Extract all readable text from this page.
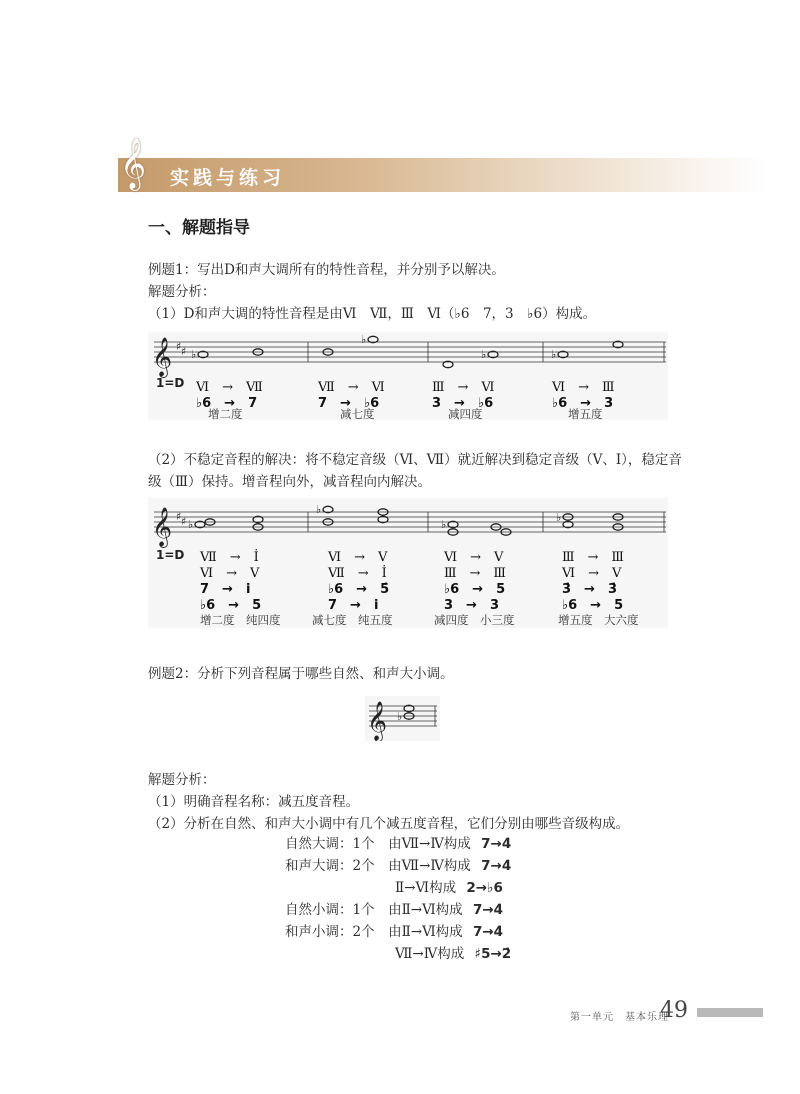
𝄞 实践与练习
一、解题指导
例题1：写出D和声大调所有的特性音程，并分别予以解决。
解题分析：
（1）D和声大调的特性音程是由Ⅵ　Ⅶ，Ⅲ　Ⅵ（♭6　7，3　♭6）构成。
𝄞 ♯ ♯ ♭
♭
♭	♭
1=D Ⅵ　→　Ⅶ
♭6　→　7
增二度
Ⅶ　→　Ⅵ
7　→　♭6
减七度
Ⅲ　→　Ⅵ
3　→　♭6
减四度
Ⅵ　→　Ⅲ
♭6　→　3
增五度
（2）不稳定音程的解决：将不稳定音级（Ⅵ、Ⅶ）就近解决到稳定音级（Ⅴ、Ⅰ），稳定音
级（Ⅲ）保持。增音程向外，减音程向内解决。
𝄞 ♯ ♯ ♭
♭
♭
♭
1=D Ⅶ　→　İ
Ⅵ　→　Ⅴ
7　→　i
♭6　→　5
增二度　纯四度
Ⅵ　→　Ⅴ
Ⅶ　→　İ
♭6　→　5̇
7　→　i
减七度　纯五度
Ⅵ　→　Ⅴ
Ⅲ　→　Ⅲ
♭6　→　5
3　→　3
减四度　小三度
Ⅲ　→　Ⅲ
Ⅵ　→　Ⅴ
3̇　→　3̇
♭6　→　5
增五度　大六度
例题2：分析下列音程属于哪些自然、和声大小调。
𝄞 ♭
解题分析：
（1）明确音程名称：减五度音程。
（2）分析在自然、和声大小调中有几个减五度音程，它们分别由哪些音级构成。
自然大调：1个　由Ⅶ→Ⅳ构成 7→4̇
和声大调：2个　由Ⅶ→Ⅳ构成 7→4̇
Ⅱ→Ⅵ构成 2→♭6
自然小调：1个　由Ⅱ→Ⅵ构成 7→4̇
和声小调：2个　由Ⅱ→Ⅵ构成 7→4̇
Ⅶ→Ⅳ构成 ♯5→2̇
第一单元　基本乐理
49
